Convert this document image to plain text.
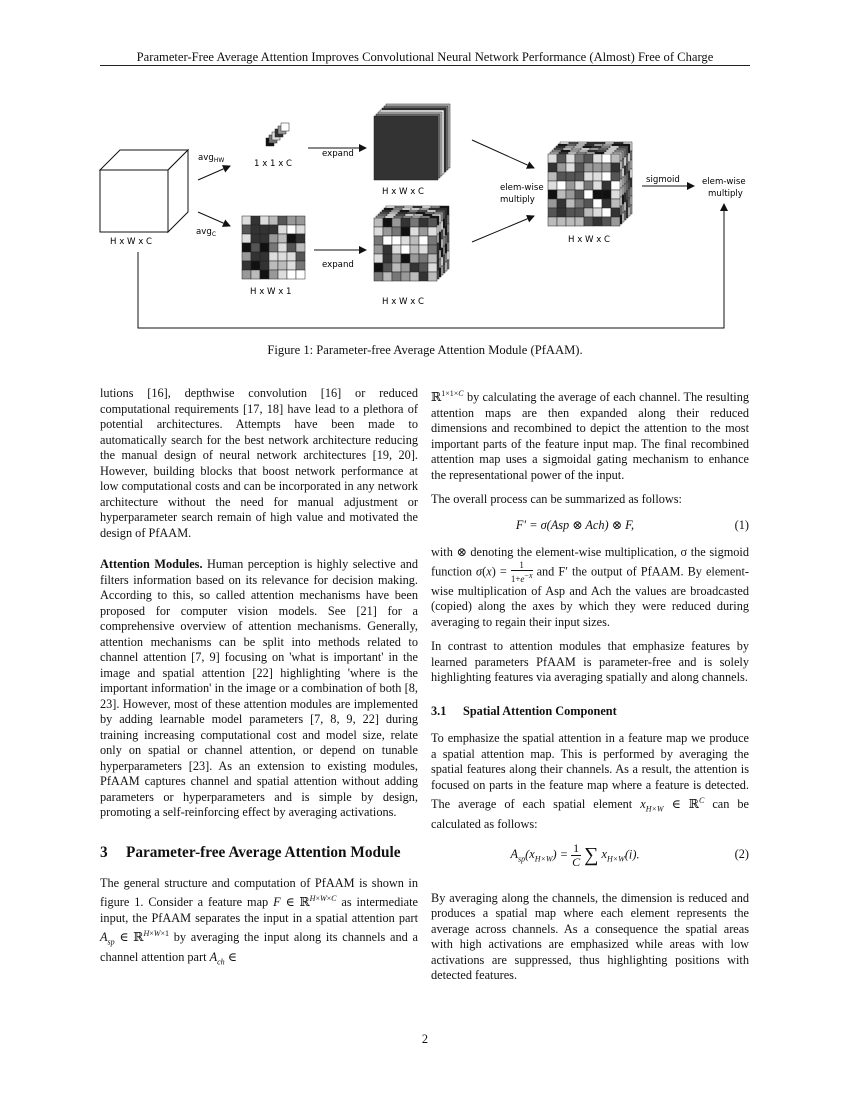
Parameter-Free Average Attention Improves Convolutional Neural Network Performance (Almost) Free of Charge
H x W x C
avg$_{HW}$
avg$_C$
1 x 1 x C
H x W x 1
expand
expand
H x W x C
H x W x C
elem-wise
multiply
H x W x C
sigmoid	elem-wise
multiply
Figure 1: Parameter-free Average Attention Module (PfAAM).

lutions [16], depthwise convolution [16] or reduced computational requirements [17, 18] have lead to a plethora of potential architectures. Attempts have been made to automatically search for the best network architecture reducing the manual design of neural network architectures [19, 20]. However, building blocks that boost network performance at low computational costs and can be incorporated in any network architecture without the need for manual adjustment or hyperparameter search remain of high value and motivated the design of PfAAM.

Attention Modules. Human perception is highly selective and filters information based on its relevance for decision making. According to this, so called attention mechanisms have been proposed for computer vision models. See [21] for a comprehensive overview of attention mechanisms. Generally, attention mechanisms can be split into methods related to channel attention [7, 9] focusing on 'what is important' in the image and spatial attention [22] highlighting 'where is the important information' in the image or a combination of both [8, 23]. However, most of these attention modules are implemented by adding learnable model parameters [7, 8, 9, 22] during training increasing computational cost and model size, relate only on spatial or channel attention, or depend on tunable hyperparameters [23]. As an extension to existing modules, PfAAM captures channel and spatial attention without adding parameters or hyperparameters and is simple by design, promoting a self-reinforcing effect by averaging activations.

3	Parameter-free Average Attention Module

The general structure and computation of PfAAM is shown in figure 1. Consider a feature map F ∈ ℝ$^{H\times W\times C}$ as intermediate input, the PfAAM separates the input in a spatial attention part $A_{sp}$ ∈ ℝ$^{H\times W\times 1}$ by averaging the input along its channels and a channel attention part $A_{ch}$ ∈

ℝ$^{1\times 1\times C}$ by calculating the average of each channel. The resulting attention maps are then expanded along their reduced dimensions and recombined to depict the attention to the most important parts of the feature input map. The final recombined attention map uses a sigmoidal gating mechanism to enhance the representational power of the input.

The overall process can be summarized as follows:

F′ = σ(Asp ⊗ Ach) ⊗ F,	(1)

with ⊗ denoting the element-wise multiplication, σ the sigmoid function $\sigma(x) = \frac{1}{1+e^{-x}}$ and F′ the output of PfAAM. By element-wise multiplication of Asp and Ach the values are broadcasted (copied) along the axes by which they were reduced during averaging to regain their input sizes.

In contrast to attention modules that emphasize features by learned parameters PfAAM is parameter-free and is solely highlighting features via averaging spatially and along channels.

3.1	Spatial Attention Component

To emphasize the spatial attention in a feature map we produce a spatial attention map. This is performed by averaging the spatial features along their channels. As a result, the attention is focused on parts in the feature map where a feature is detected. The average of each spatial element $x_{H\times W}$ ∈ ℝ$^C$ can be calculated as follows:

$A_{sp}(x_{H\times W}) = \frac{1}{C}$ ∑ $x_{H\times W}(i)$.	(2)

By averaging along the channels, the dimension is reduced and produces a spatial map where each element represents the average across channels. As a consequence the spatial areas with high activations are emphasized while areas with low activations are suppressed, thus highlighting positions with detected features.

2
